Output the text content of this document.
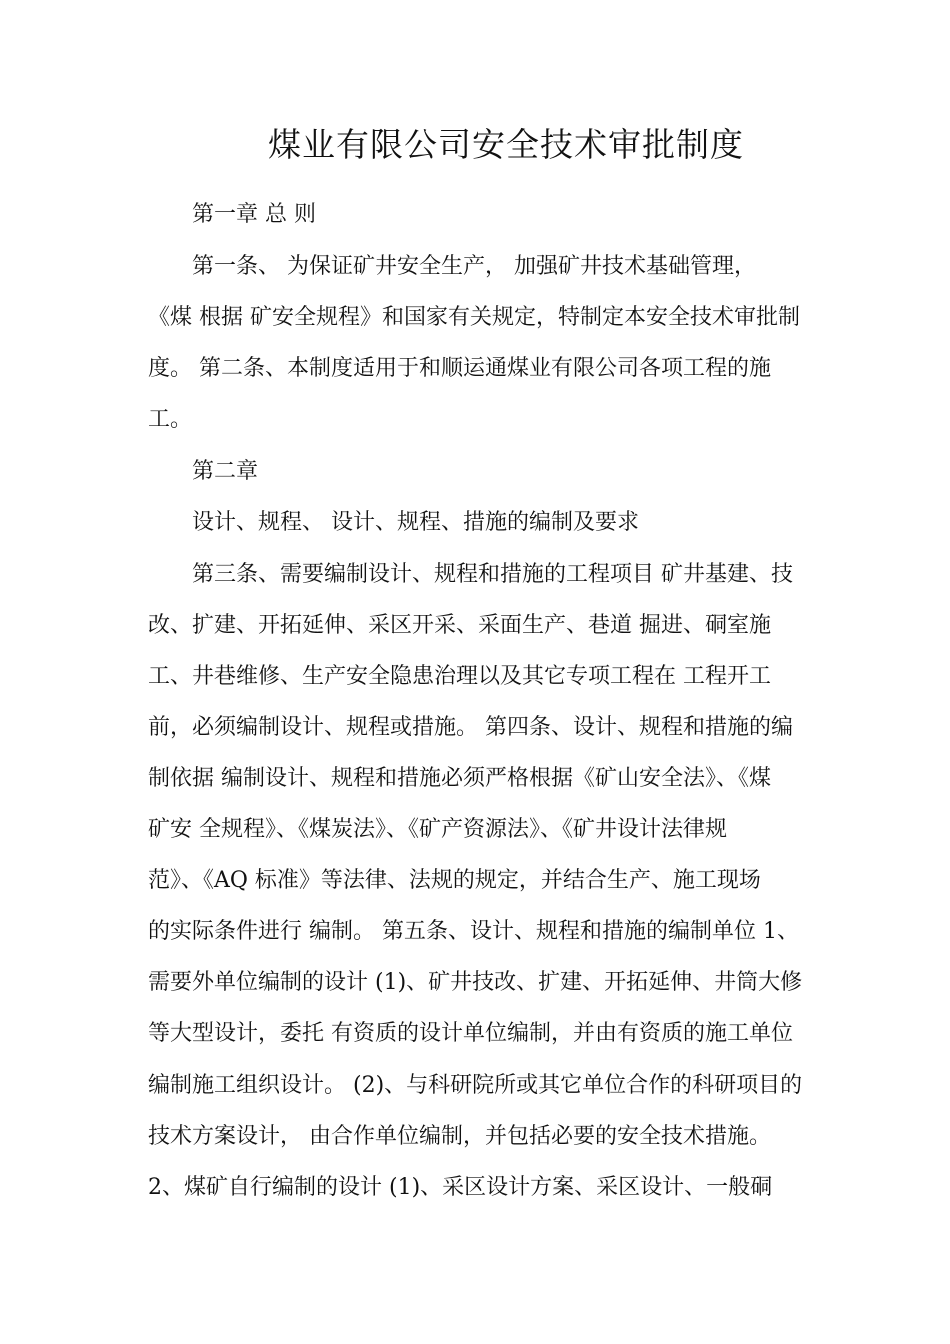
煤业有限公司安全技术审批制度
第一章 总 则
第一条、 为保证矿井安全生产， 加强矿井技术基础管理，
《煤 根据 矿安全规程》和国家有关规定，特制定本安全技术审批制
度。 第二条、本制度适用于和顺运通煤业有限公司各项工程的施
工。
第二章
设计、规程、 设计、规程、措施的编制及要求
第三条、需要编制设计、规程和措施的工程项目 矿井基建、技
改、扩建、开拓延伸、采区开采、采面生产、巷道 掘进、硐室施
工、井巷维修、生产安全隐患治理以及其它专项工程在 工程开工
前，必须编制设计、规程或措施。 第四条、设计、规程和措施的编
制依据 编制设计、规程和措施必须严格根据《矿山安全法》、《煤
矿安 全规程》、《煤炭法》、《矿产资源法》、《矿井设计法律规
范》、《AQ 标准》等法律、法规的规定，并结合生产、施工现场
的实际条件进行 编制。 第五条、设计、规程和措施的编制单位 1、
需要外单位编制的设计 (1)、矿井技改、扩建、开拓延伸、井筒大修
等大型设计，委托 有资质的设计单位编制，并由有资质的施工单位
编制施工组织设计。 (2)、与科研院所或其它单位合作的科研项目的
技术方案设计， 由合作单位编制，并包括必要的安全技术措施。
2、煤矿自行编制的设计 (1)、采区设计方案、采区设计、一般硐
